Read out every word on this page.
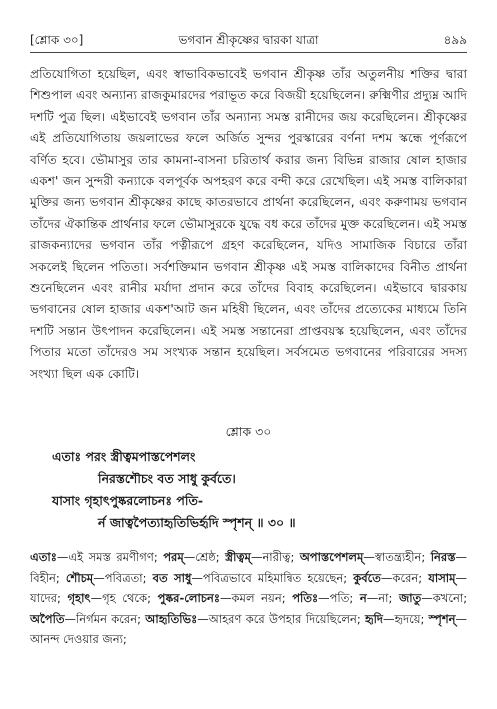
[শ্লোক ৩০]	ভগবান শ্রীকৃষ্ণের দ্বারকা যাত্রা	৪৯৯
প্রতিযোগিতা হয়েছিল, এবং স্বাভাবিকভাবেই ভগবান শ্রীকৃষ্ণ তাঁর অতুলনীয় শক্তির দ্বারা শিশুপাল এবং অন্যান্য রাজকুমারদের পরাভূত করে বিজয়ী হয়েছিলেন। রুক্মিণীর প্রদ্যুম্ন আদি দশটি পুত্র ছিল। এইভাবেই ভগবান তাঁর অন্যান্য সমস্ত রানীদের জয় করেছিলেন। শ্রীকৃষ্ণের এই প্রতিযোগিতায় জয়লাভের ফলে অর্জিত সুন্দর পুরস্কারের বর্ণনা দশম স্কন্ধে পূর্ণরূপে বর্ণিত হবে। ভৌমাসুর তার কামনা-বাসনা চরিতার্থ করার জন্য বিভিন্ন রাজার ষোল হাজার একশ' জন সুন্দরী কন্যাকে বলপূর্বক অপহরণ করে বন্দী করে রেখেছিল। এই সমস্ত বালিকারা মুক্তির জন্য ভগবান শ্রীকৃষ্ণের কাছে কাতরভাবে প্রার্থনা করেছিলেন, এবং করুণাময় ভগবান তাঁদের ঐকান্তিক প্রার্থনার ফলে ভৌমাসুরকে যুদ্ধে বধ করে তাঁদের মুক্ত করেছিলেন। এই সমস্ত রাজকন্যাদের ভগবান তাঁর পত্নীরূপে গ্রহণ করেছিলেন, যদিও সামাজিক বিচারে তাঁরা সকলেই ছিলেন পতিতা। সর্বশক্তিমান ভগবান শ্রীকৃষ্ণ এই সমস্ত বালিকাদের বিনীত প্রার্থনা শুনেছিলেন এবং রানীর মর্যাদা প্রদান করে তাঁদের বিবাহ করেছিলেন। এইভাবে দ্বারকায় ভগবানের ষোল হাজার একশ'আট জন মহিষী ছিলেন, এবং তাঁদের প্রত্যেকের মাধ্যমে তিনি দশটি সন্তান উৎপাদন করেছিলেন। এই সমস্ত সন্তানেরা প্রাপ্তবয়স্ক হয়েছিলেন, এবং তাঁদের পিতার মতো তাঁদেরও সম সংখ্যক সন্তান হয়েছিল। সর্বসমেত ভগবানের পরিবারের সদস্য সংখ্যা ছিল এক কোটি।
শ্লোক ৩০
এতাঃ পরং স্ত্রীত্বমপাস্তপেশলং
নিরস্তশৌচং বত সাধু কুর্বতে।
যাসাং গৃহাৎপুষ্করলোচনঃ পতি-
র্ন জাত্বপৈত্যাহৃতিভির্হৃদি স্পৃশন্ ॥ ৩০ ॥
এতাঃ—এই সমস্ত রমণীগণ; পরম্—শ্রেষ্ঠ; স্ত্রীত্বম্—নারীত্ব; অপাস্তপেশলম্—স্বাতন্ত্র্যহীন; নিরস্ত—বিহীন; শৌচম্—পবিত্রতা; বত সাধু—পবিত্রভাবে মহিমান্বিত হয়েছেন; কুর্বতে—করেন; যাসাম্—যাদের; গৃহাৎ—গৃহ থেকে; পুষ্কর-লোচনঃ—কমল নয়ন; পতিঃ—পতি; ন—না; জাতু—কখনো; অপৈতি—নির্গমন করেন; আহৃতিভিঃ—আহরণ করে উপহার দিয়েছিলেন; হৃদি—হৃদয়ে; স্পৃশন্—আনন্দ দেওয়ার জন্য;
